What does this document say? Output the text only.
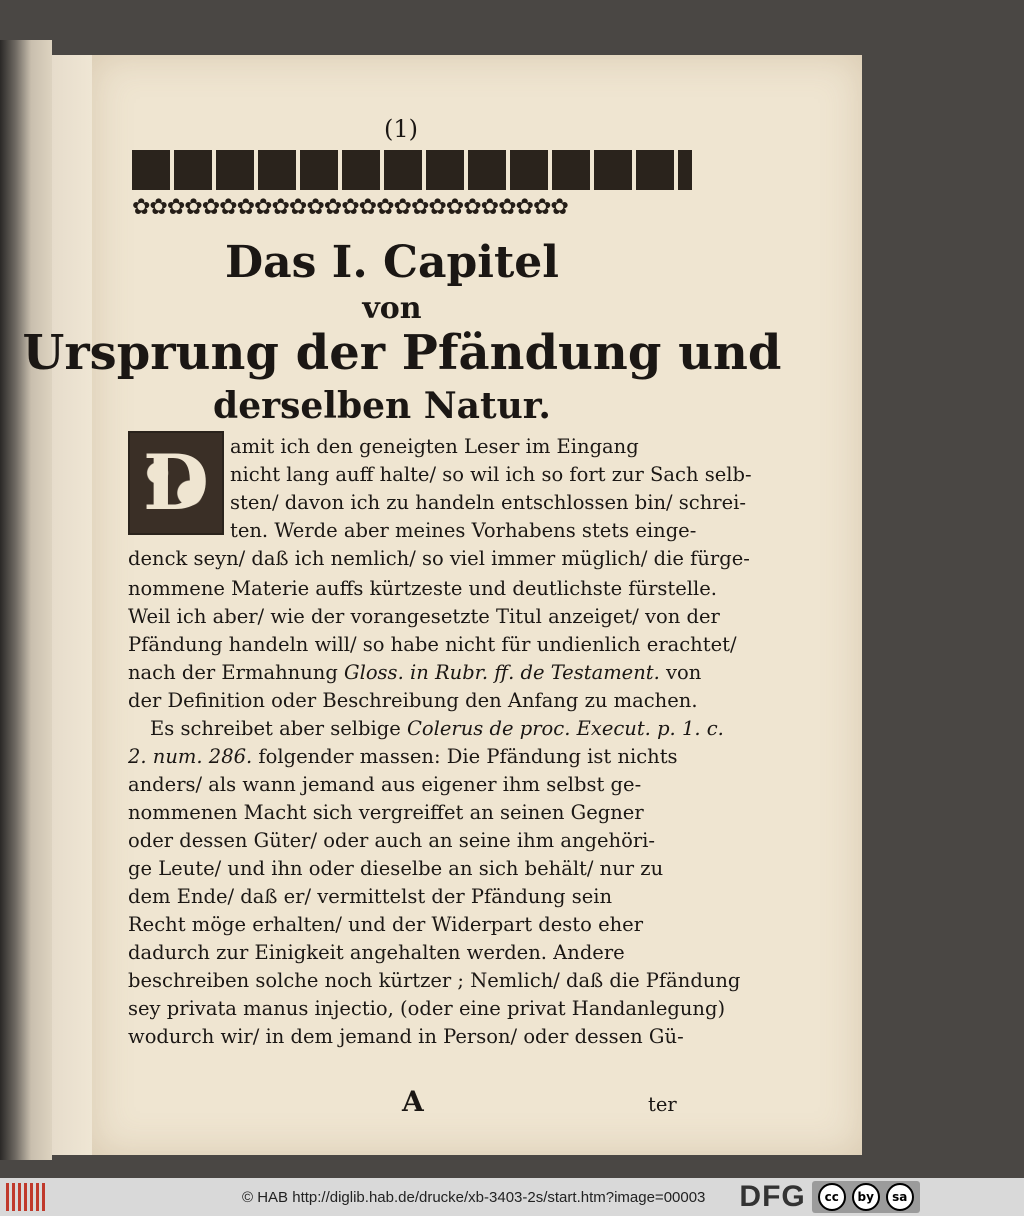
(1)
✿✿✿✿✿✿✿✿✿✿✿✿✿✿✿✿✿✿✿✿✿✿✿✿✿
Das I. Capitel
von
Ursprung der Pfändung und
derselben Natur.
D	amit ich den geneigten Leser im Eingang
nicht lang auff halte/ so wil ich so fort zur Sach selb-
sten/ davon ich zu handeln entschlossen bin/ schrei-
ten. Werde aber meines Vorhabens stets einge-
denck seyn/ daß ich nemlich/ so viel immer müglich/ die fürge-
nommene Materie auffs kürtzeste und deutlichste fürstelle.
Weil ich aber/ wie der vorangesetzte Titul anzeiget/ von der
Pfändung handeln will/ so habe nicht für undienlich erachtet/
nach der Ermahnung Gloss. in Rubr. ff. de Testament. von
der Definition oder Beschreibung den Anfang zu machen.
Es schreibet aber selbige Colerus de proc. Execut. p. 1. c.
2. num. 286. folgender massen: Die Pfändung ist nichts
anders/ als wann jemand aus eigener ihm selbst ge-
nommenen Macht sich vergreiffet an seinen Gegner
oder dessen Güter/ oder auch an seine ihm angehöri-
ge Leute/ und ihn oder dieselbe an sich behält/ nur zu
dem Ende/ daß er/ vermittelst der Pfändung sein
Recht möge erhalten/ und der Widerpart desto eher
dadurch zur Einigkeit angehalten werden. Andere
beschreiben solche noch kürtzer ; Nemlich/ daß die Pfändung
sey privata manus injectio, (oder eine privat Handanlegung)
wodurch wir/ in dem jemand in Person/ oder dessen Gü-
A	ter
© HAB http://diglib.hab.de/drucke/xb-3403-2s/start.htm?image=00003 DFG	cc	by	sa
